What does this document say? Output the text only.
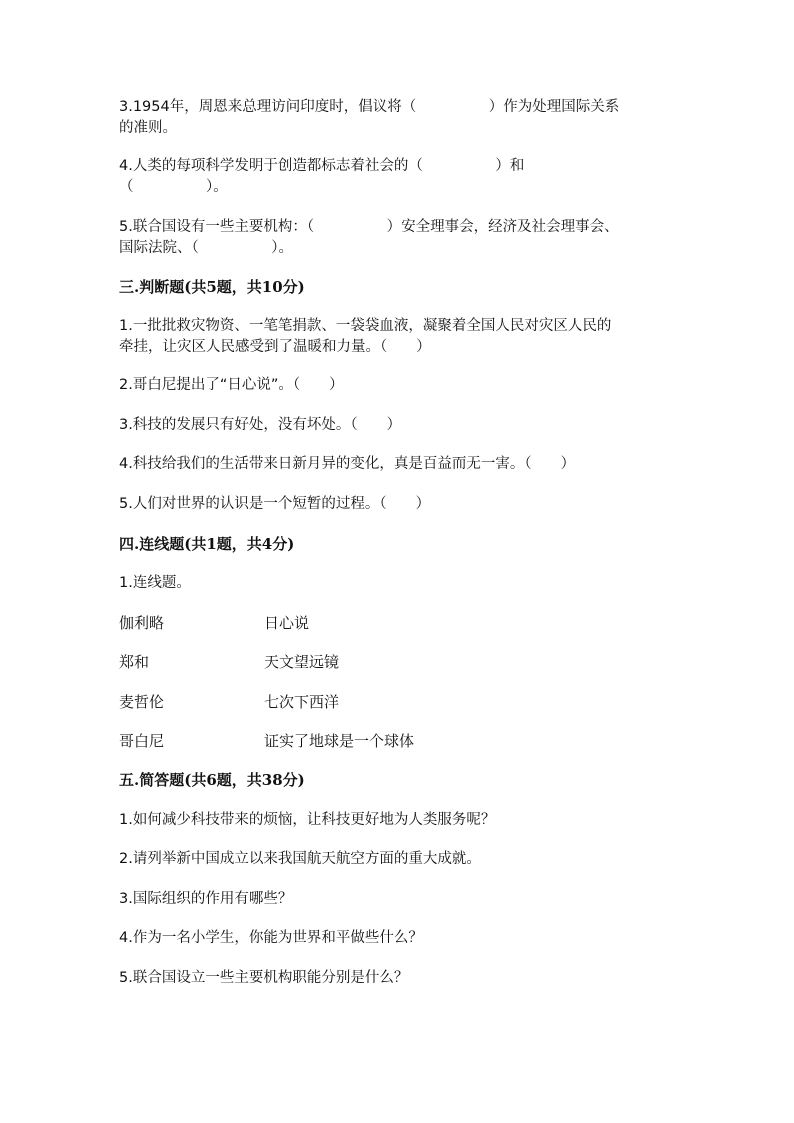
3.1954年，周恩来总理访问印度时，倡议将（　　　　　）作为处理国际关系
的准则。
4.人类的每项科学发明于创造都标志着社会的（　　　　　）和
（　　　　　）。
5.联合国设有一些主要机构：（　　　　　）安全理事会，经济及社会理事会、
国际法院、（　　　　　）。
三.判断题(共5题，共10分)
1.一批批救灾物资、一笔笔捐款、一袋袋血液，凝聚着全国人民对灾区人民的
牵挂，让灾区人民感受到了温暖和力量。（　　）
2.哥白尼提出了“日心说”。（　　）
3.科技的发展只有好处，没有坏处。（　　）
4.科技给我们的生活带来日新月异的变化，真是百益而无一害。（　　）
5.人们对世界的认识是一个短暂的过程。（　　）
四.连线题(共1题，共4分)
1.连线题。
伽利略	日心说
郑和	天文望远镜
麦哲伦	七次下西洋
哥白尼	证实了地球是一个球体
五.简答题(共6题，共38分)
1.如何减少科技带来的烦恼，让科技更好地为人类服务呢？
2.请列举新中国成立以来我国航天航空方面的重大成就。
3.国际组织的作用有哪些？
4.作为一名小学生，你能为世界和平做些什么？
5.联合国设立一些主要机构职能分别是什么？
